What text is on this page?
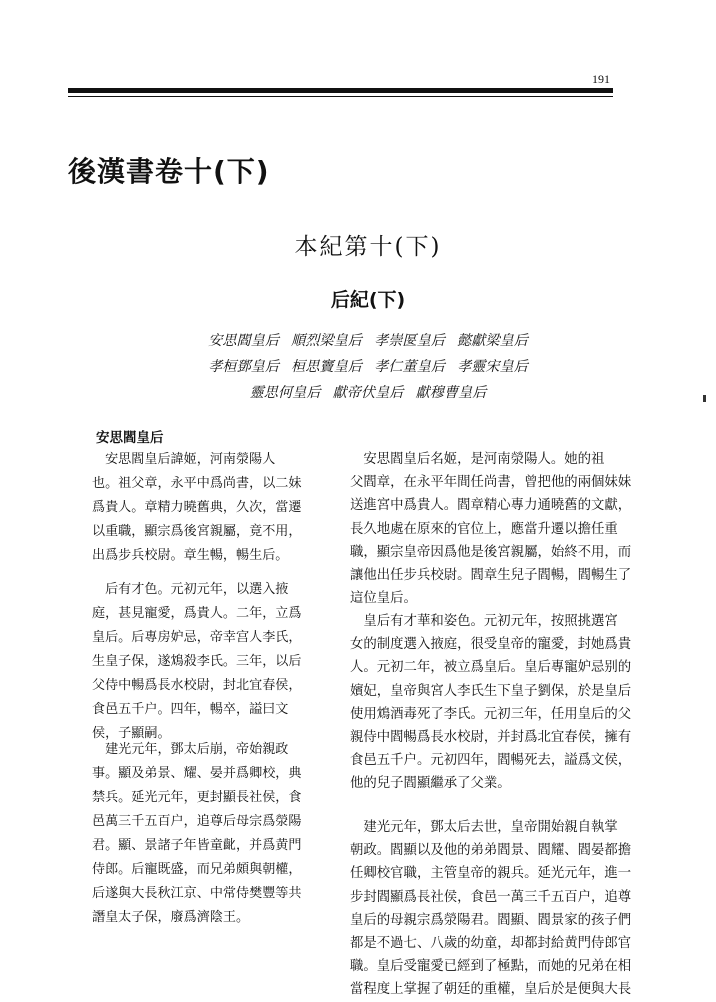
191
後漢書卷十(下)
本紀第十(下)
后紀(下)
安思閻皇后 順烈梁皇后 孝崇匽皇后 懿獻梁皇后
孝桓鄧皇后 桓思竇皇后 孝仁董皇后 孝靈宋皇后
靈思何皇后 獻帝伏皇后 獻穆曹皇后
安思閻皇后

　安思閻皇后諱姬，河南滎陽人
也。祖父章，永平中爲尚書，以二妹
爲貴人。章精力曉舊典，久次，當遷
以重職，顯宗爲後宮親屬，竟不用，
出爲步兵校尉。章生暢，暢生后。

　后有才色。元初元年，以選入掖
庭，甚見寵愛，爲貴人。二年，立爲
皇后。后專房妒忌，帝幸宫人李氏，
生皇子保，遂鴆殺李氏。三年，以后
父侍中暢爲長水校尉，封北宜春侯，
食邑五千户。四年，暢卒，謚曰文
侯，子顯嗣。

　建光元年，鄧太后崩，帝始親政
事。顯及弟景、耀、晏并爲卿校，典
禁兵。延光元年，更封顯長社侯，食
邑萬三千五百户，追尊后母宗爲滎陽
君。顯、景諸子年皆童齔，并爲黄門
侍郎。后寵既盛，而兄弟頗與朝權，
后遂與大長秋江京、中常侍樊豐等共
譖皇太子保，廢爲濟陰王。

　安思閻皇后名姬，是河南滎陽人。她的祖
父閻章，在永平年間任尚書，曾把他的兩個妹妹
送進宮中爲貴人。閻章精心專力通曉舊的文獻，
長久地處在原來的官位上，應當升遷以擔任重
職，顯宗皇帝因爲他是後宮親屬，始終不用，而
讓他出任步兵校尉。閻章生兒子閻暢，閻暢生了
這位皇后。

　皇后有才華和姿色。元初元年，按照挑選宮
女的制度選入掖庭，很受皇帝的寵愛，封她爲貴
人。元初二年，被立爲皇后。皇后專寵妒忌别的
嬪妃，皇帝與宮人李氏生下皇子劉保，於是皇后
使用鴆酒毒死了李氏。元初三年，任用皇后的父
親侍中閻暢爲長水校尉，并封爲北宜春侯，擁有
食邑五千户。元初四年，閻暢死去，謚爲文侯，
他的兒子閻顯繼承了父業。

　建光元年，鄧太后去世，皇帝開始親自執掌
朝政。閻顯以及他的弟弟閻景、閻耀、閻晏都擔
任卿校官職，主管皇帝的親兵。延光元年，進一
步封閻顯爲長社侯，食邑一萬三千五百户，追尊
皇后的母親宗爲滎陽君。閻顯、閻景家的孩子們
都是不過七、八歲的幼童，却都封給黄門侍郎官
職。皇后受寵愛已經到了極點，而她的兄弟在相
當程度上掌握了朝廷的重權，皇后於是便與大長
